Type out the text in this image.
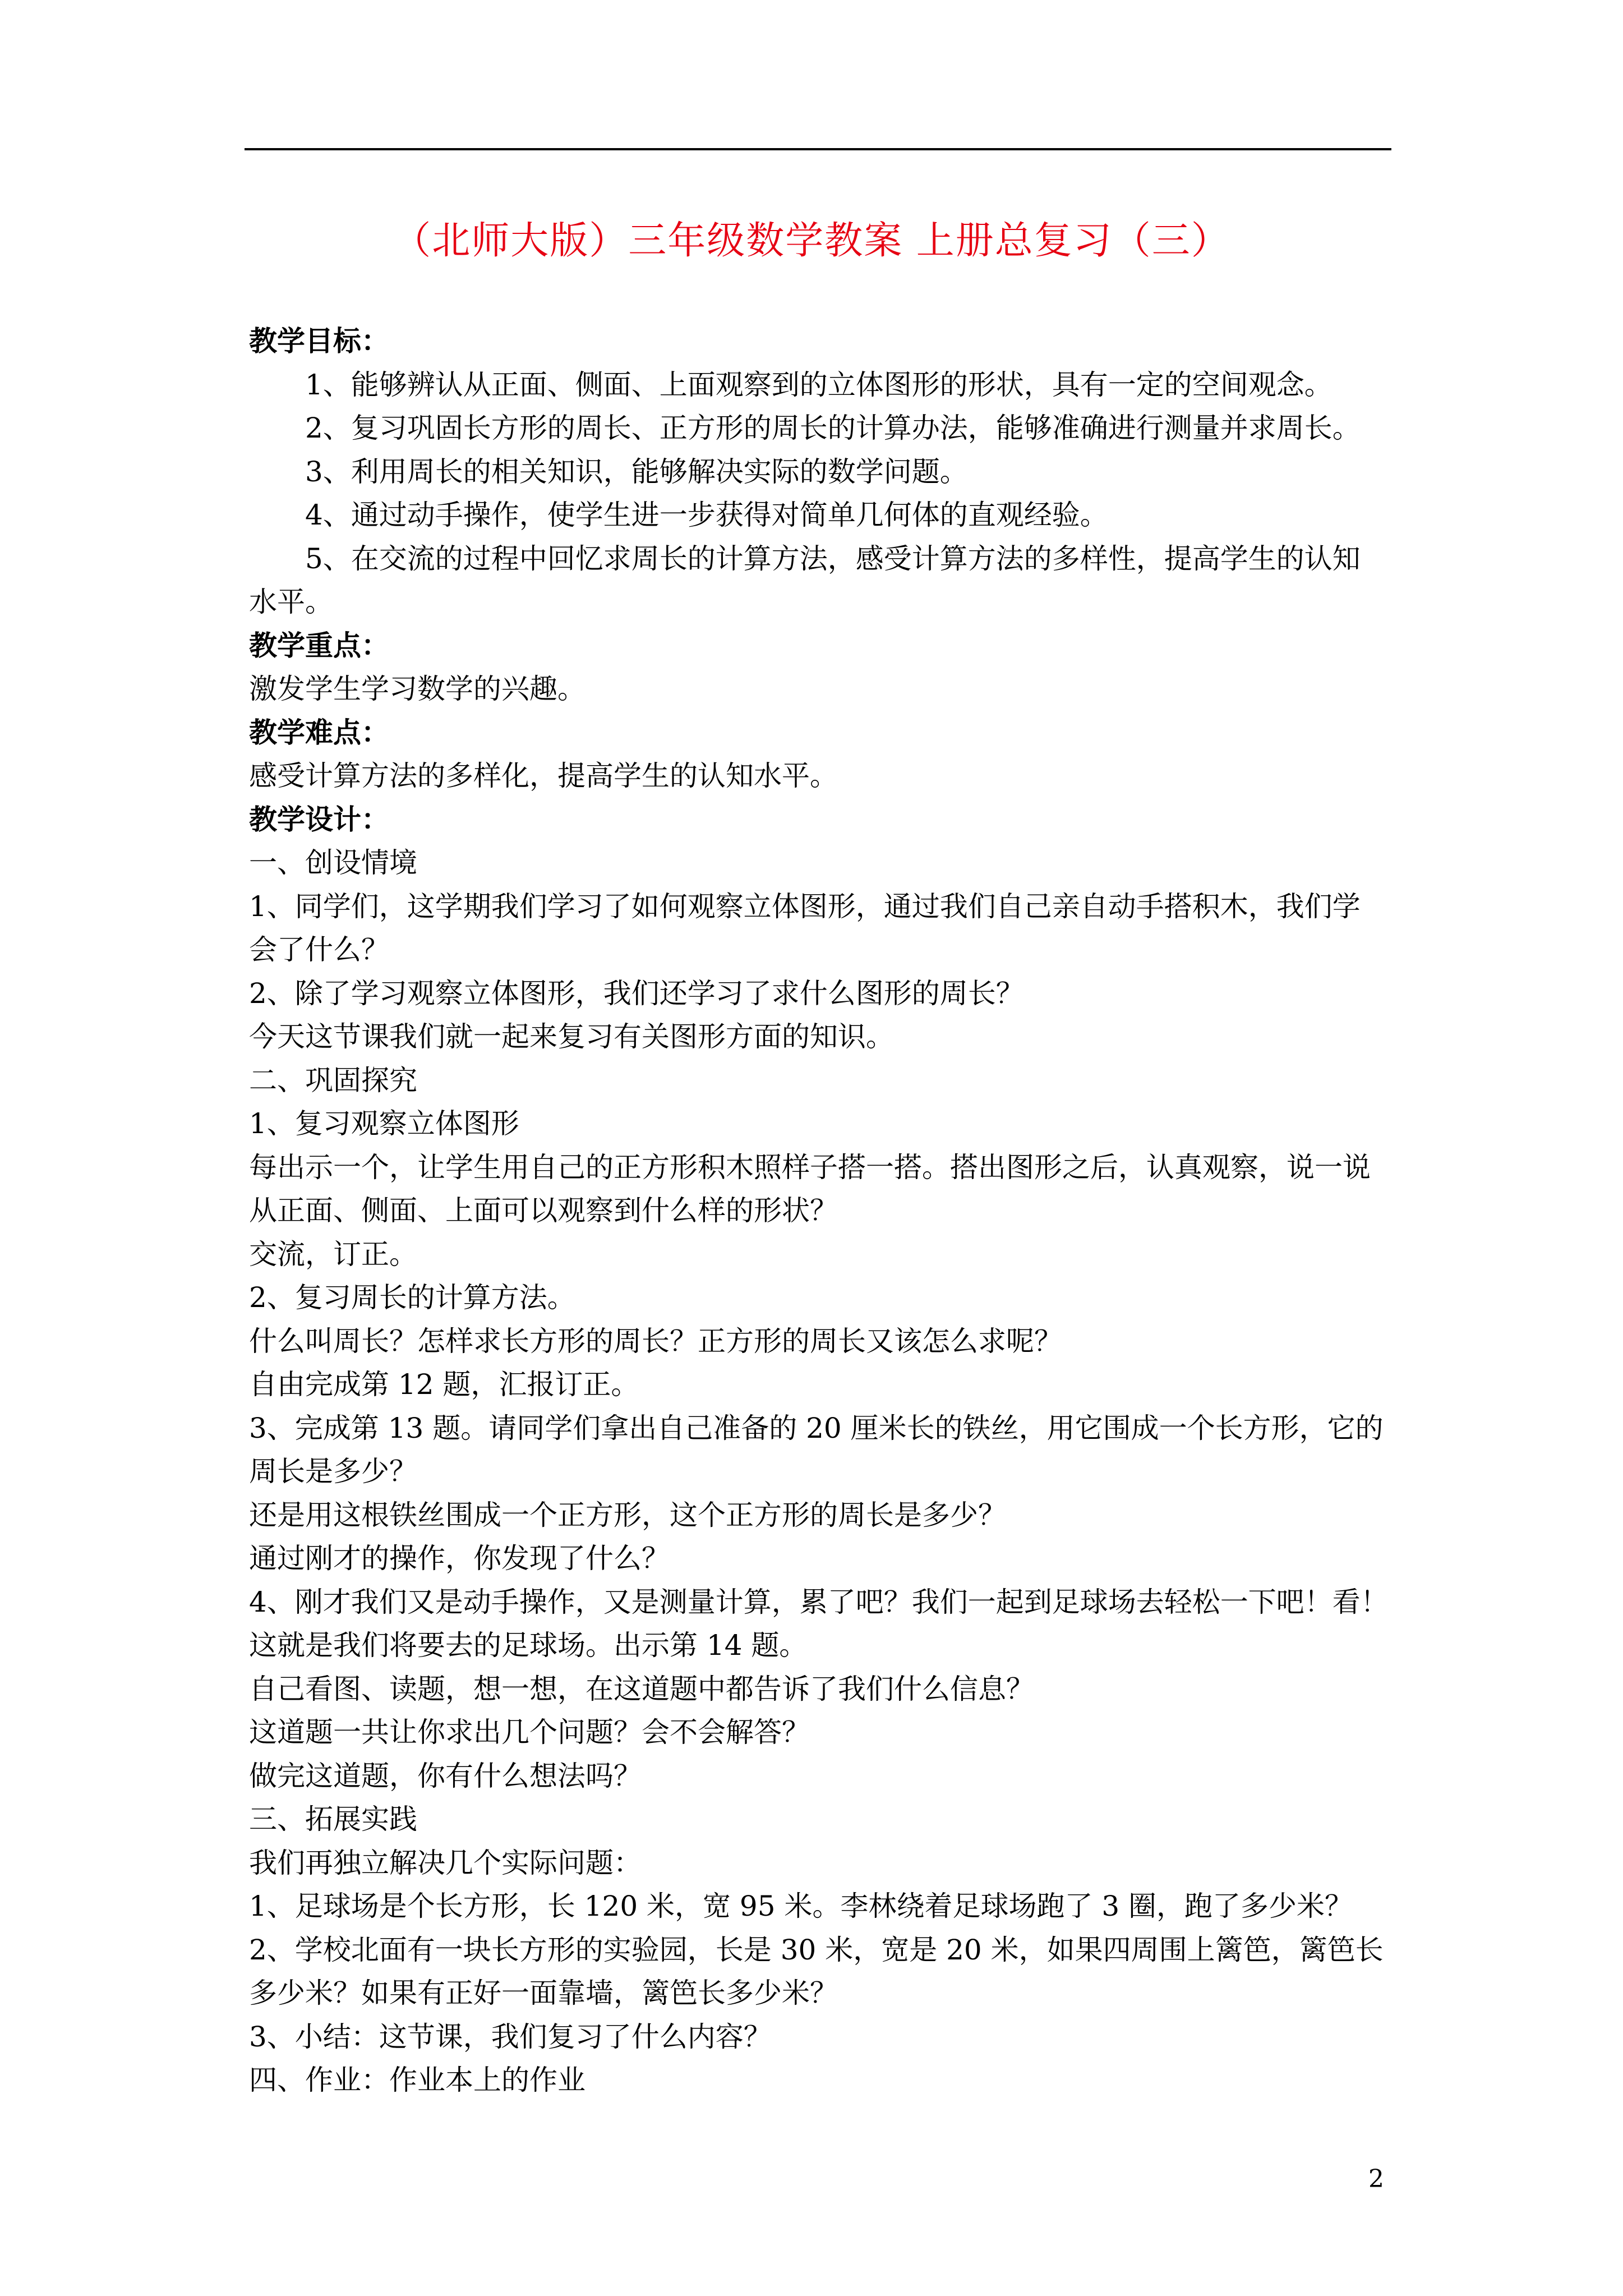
（北师大版）三年级数学教案 上册总复习（三）
教学目标：
1、能够辨认从正面、侧面、上面观察到的立体图形的形状，具有一定的空间观念。
2、复习巩固长方形的周长、正方形的周长的计算办法，能够准确进行测量并求周长。
3、利用周长的相关知识，能够解决实际的数学问题。
4、通过动手操作，使学生进一步获得对简单几何体的直观经验。
5、在交流的过程中回忆求周长的计算方法，感受计算方法的多样性，提高学生的认知
水平。
教学重点：
激发学生学习数学的兴趣。
教学难点：
感受计算方法的多样化，提高学生的认知水平。
教学设计：
一、创设情境
1、同学们，这学期我们学习了如何观察立体图形，通过我们自己亲自动手搭积木，我们学
会了什么？
2、除了学习观察立体图形，我们还学习了求什么图形的周长？
今天这节课我们就一起来复习有关图形方面的知识。
二、巩固探究
1、复习观察立体图形
每出示一个，让学生用自己的正方形积木照样子搭一搭。搭出图形之后，认真观察，说一说
从正面、侧面、上面可以观察到什么样的形状？
交流，订正。
2、复习周长的计算方法。
什么叫周长？怎样求长方形的周长？正方形的周长又该怎么求呢？
自由完成第 12 题，汇报订正。
3、完成第 13 题。请同学们拿出自己准备的 20 厘米长的铁丝，用它围成一个长方形，它的
周长是多少？
还是用这根铁丝围成一个正方形，这个正方形的周长是多少？
通过刚才的操作，你发现了什么？
4、刚才我们又是动手操作，又是测量计算，累了吧？我们一起到足球场去轻松一下吧！看！
这就是我们将要去的足球场。出示第 14 题。
自己看图、读题，想一想，在这道题中都告诉了我们什么信息？
这道题一共让你求出几个问题？会不会解答？
做完这道题，你有什么想法吗？
三、拓展实践
我们再独立解决几个实际问题：
1、足球场是个长方形，长 120 米，宽 95 米。李林绕着足球场跑了 3 圈，跑了多少米？
2、学校北面有一块长方形的实验园，长是 30 米，宽是 20 米，如果四周围上篱笆，篱笆长
多少米？如果有正好一面靠墙，篱笆长多少米？
3、小结：这节课，我们复习了什么内容？
四、作业：作业本上的作业
2
